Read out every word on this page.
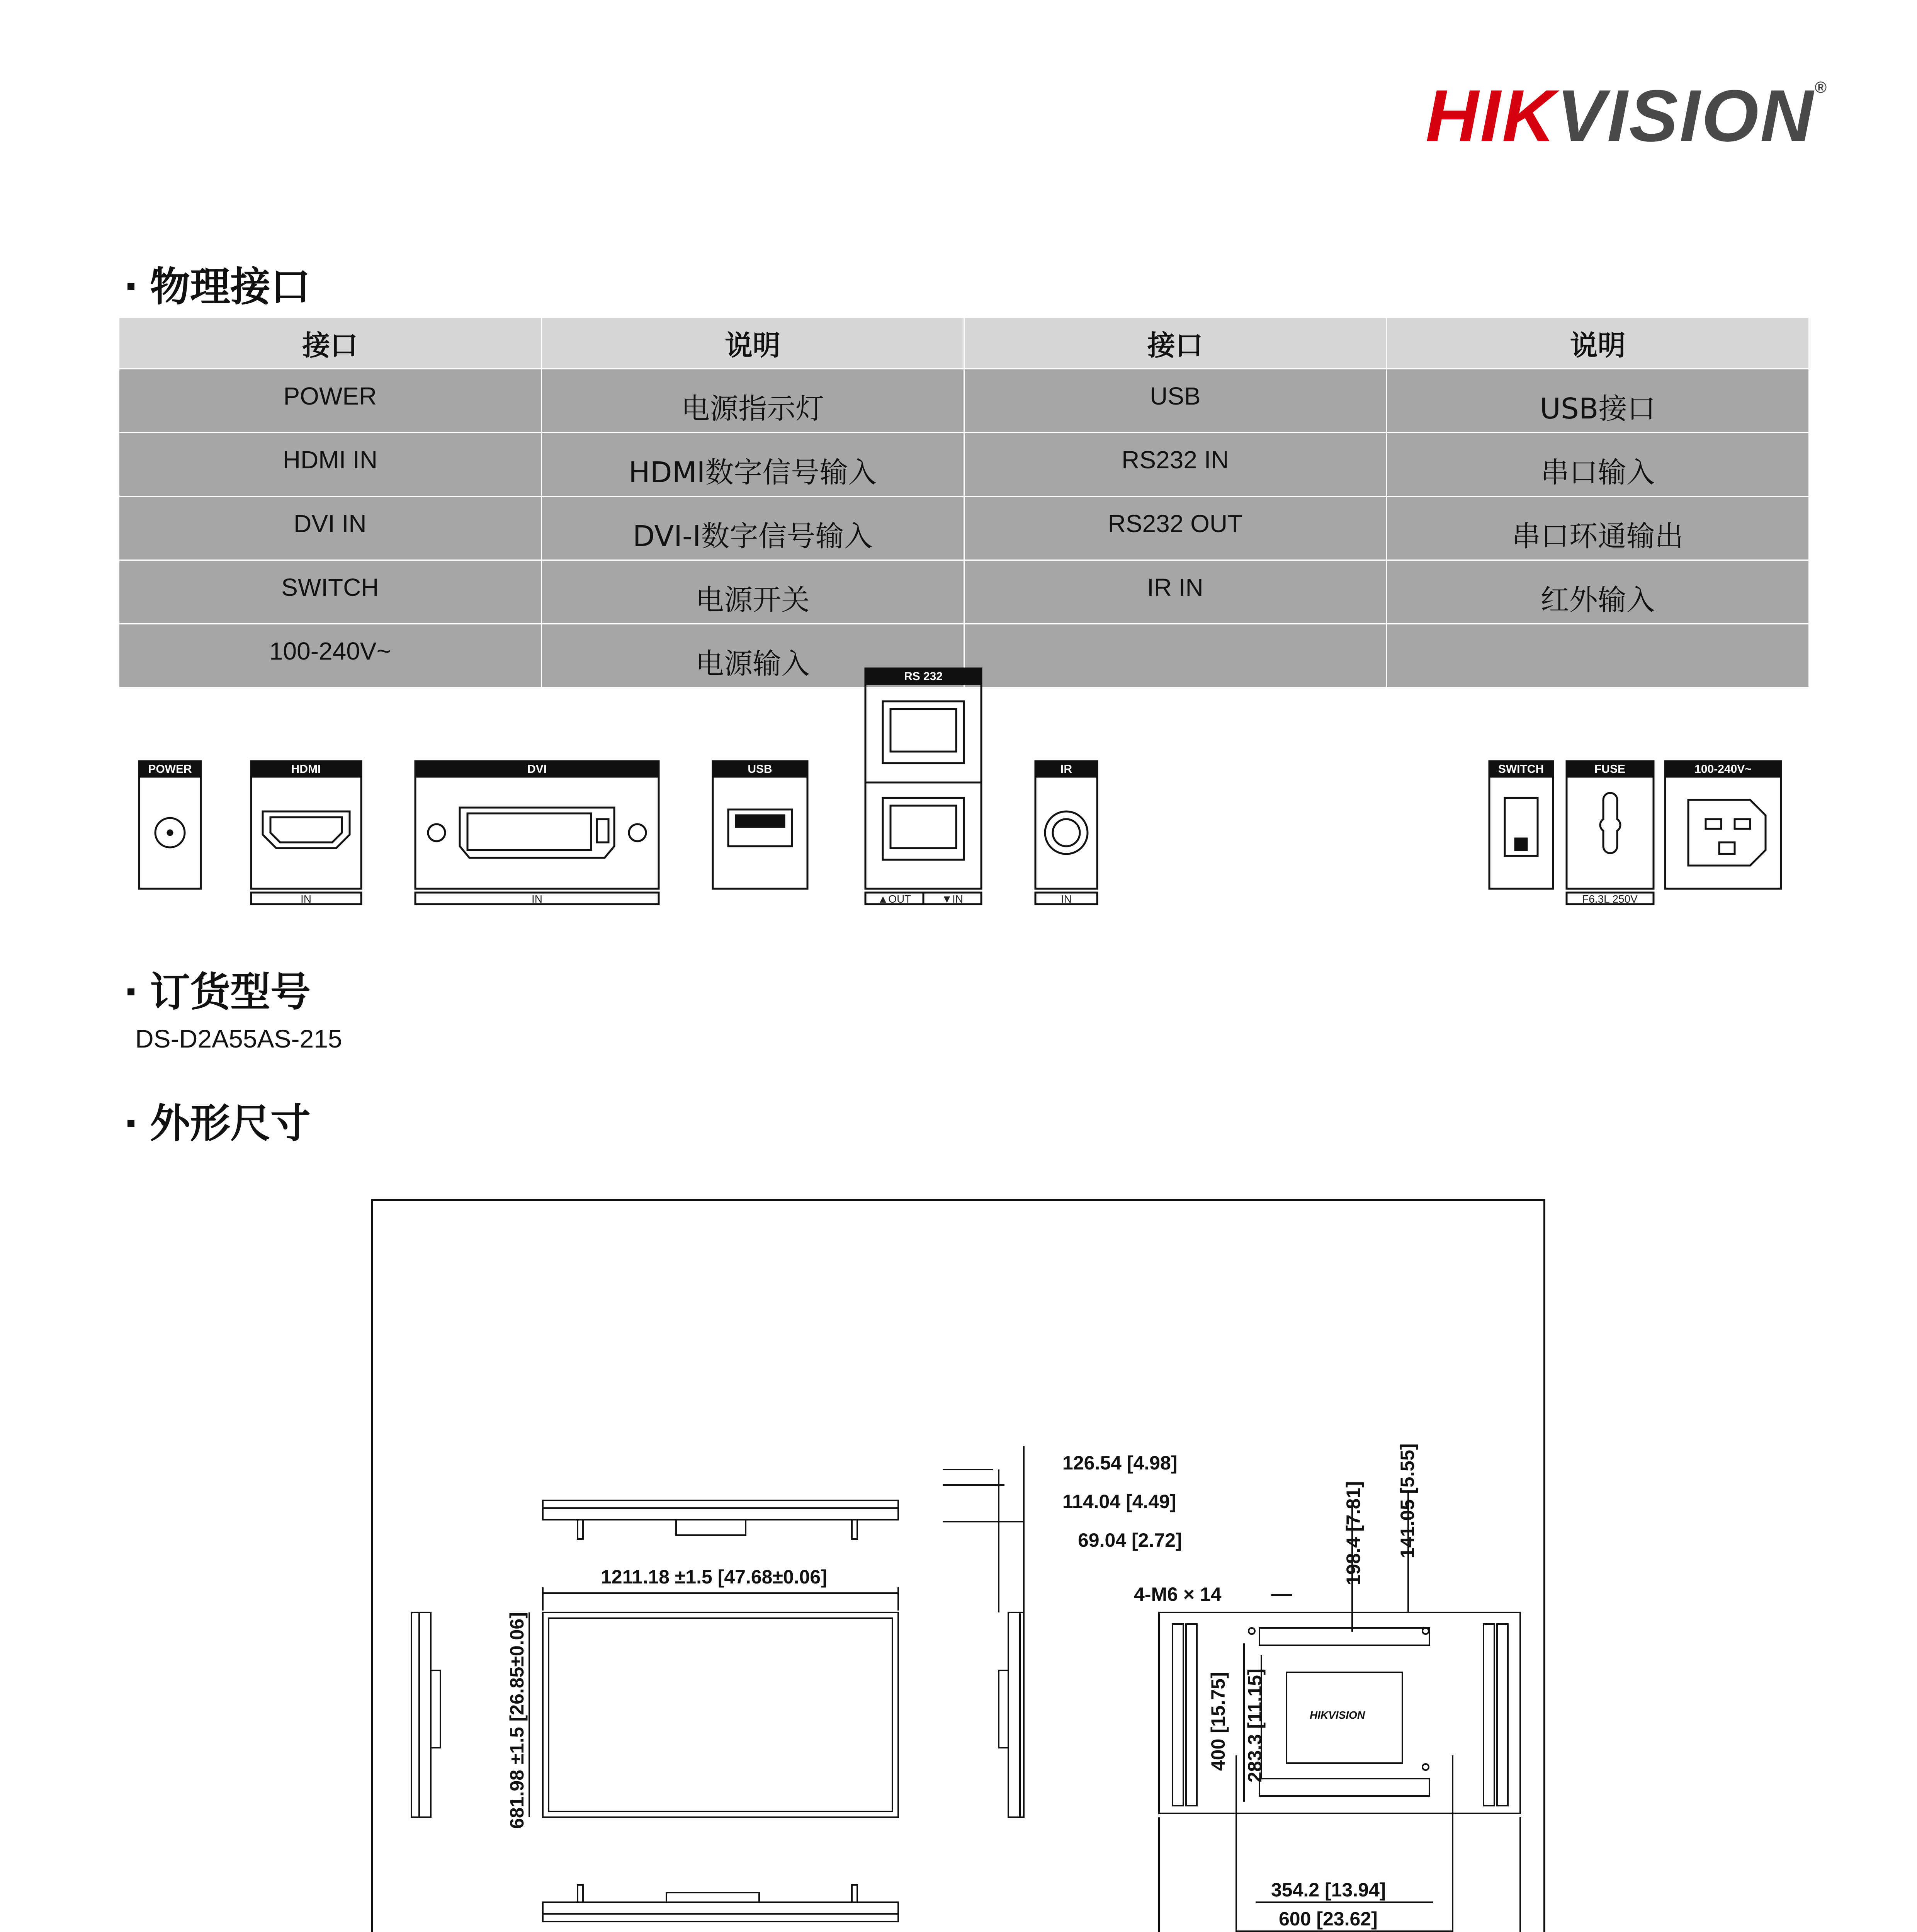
HIKVISION®
物理接口
接口	说明	接口	说明
POWER	电源指示灯	USB	USB接口
HDMI IN	HDMI数字信号输入	RS232 IN	串口输入
DVI IN	DVI-I数字信号输入	RS232 OUT	串口环通输出
SWITCH	电源开关	IR IN	红外输入
100-240V~	电源输入		
POWER	HDMI
IN
DVI
IN
USB
RS 232
▲OUT	▼IN
IR
IN
SWITCH	FUSE
F6.3L 250V
100-240V~
订货型号
DS-D2A55AS-215
外形尺寸
126.54 [4.98]
114.04 [4.49]
69.04 [2.72]
1211.18 ±1.5 [47.68±0.06]
681.98 ±1.5 [26.85±0.06]
4-M6 × 14
198.4 [7.81] 141.05 [5.55]
400 [15.75] 283.3 [11.15]
354.2 [13.94]
600 [23.62]
HIKVISION
